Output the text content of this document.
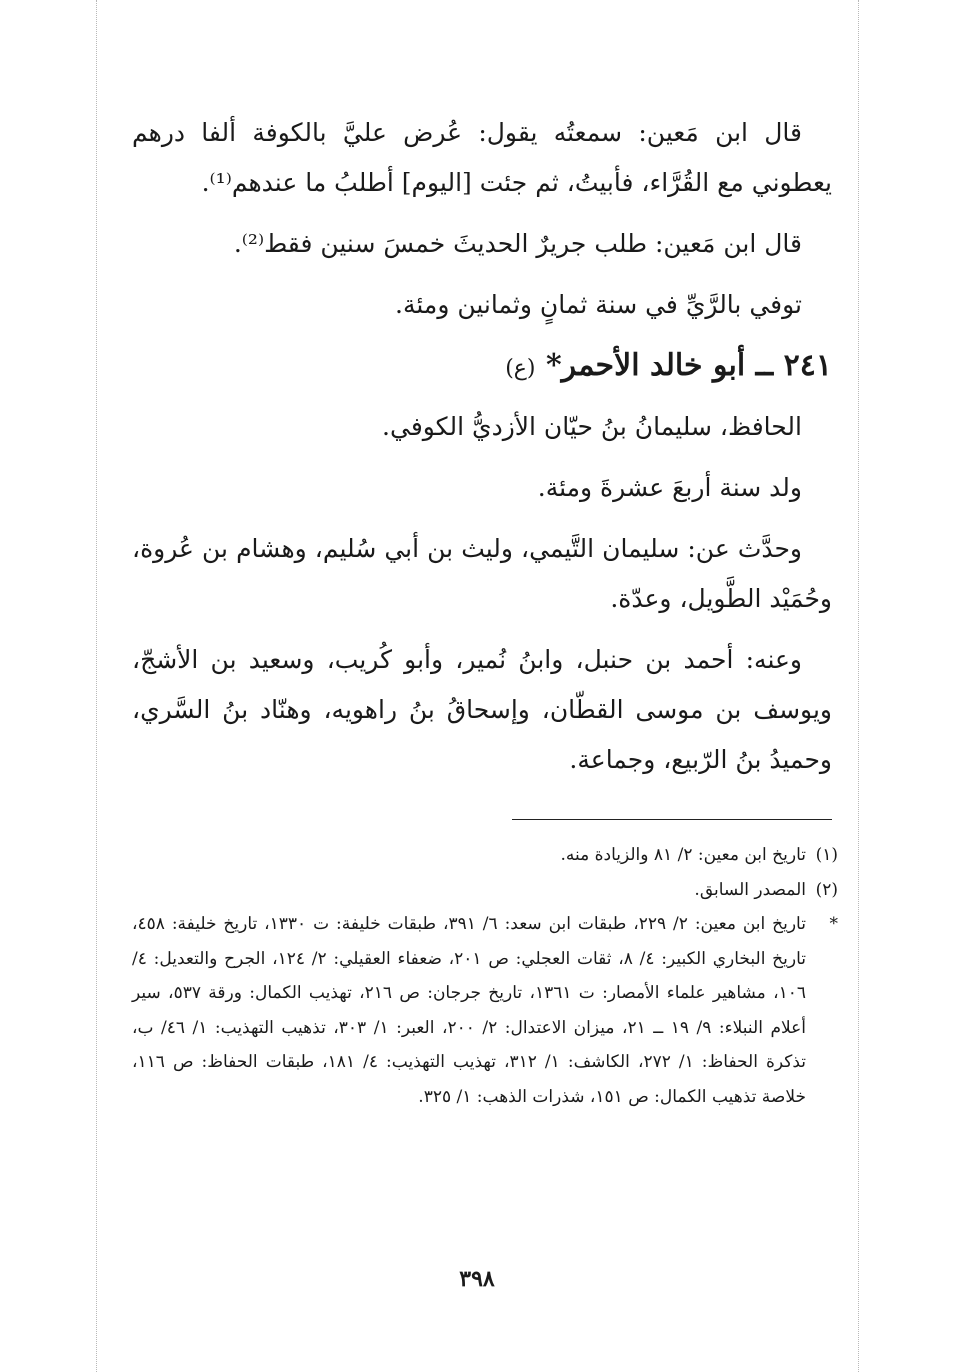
قال ابن مَعين: سمعتُه يقول: عُرض عليَّ بالكوفة ألفا درهم يعطوني مع القُرَّاء، فأبيتُ، ثم جئت [اليوم] أطلبُ ما عندهم⁽¹⁾.

قال ابن مَعين: طلب جريرٌ الحديثَ خمسَ سنين فقط⁽²⁾.

توفي بالرَّيِّ في سنة ثمانٍ وثمانين ومئة.

٢٤١ ــ أبو خالد الأحمر* (ع)

الحافظ، سليمانُ بنُ حيّان الأزديُّ الكوفي.

ولد سنة أربعَ عشرةَ ومئة.

وحدَّث عن: سليمان التَّيمي، وليث بن أبي سُليم، وهشام بن عُروة، وحُمَيْد الطَّويل، وعدّة.

وعنه: أحمد بن حنبل، وابنُ نُمير، وأبو كُريب، وسعيد بن الأشجّ، ويوسف بن موسى القطّان، وإسحاقُ بنُ راهويه، وهنّاد بنُ السَّري، وحميدُ بنُ الرّبيع، وجماعة.

(١)
تاريخ ابن معين: ٢/ ٨١ والزيادة منه.

(٢)
المصدر السابق.

*
تاريخ ابن معين: ٢/ ٢٢٩، طبقات ابن سعد: ٦/ ٣٩١، طبقات خليفة: ت ١٣٣٠، تاريخ خليفة: ٤٥٨، تاريخ البخاري الكبير: ٤/ ٨، ثقات العجلي: ص ٢٠١، ضعفاء العقيلي: ٢/ ١٢٤، الجرح والتعديل: ٤/ ١٠٦، مشاهير علماء الأمصار: ت ١٣٦١، تاريخ جرجان: ص ٢١٦، تهذيب الكمال: ورقة ٥٣٧، سير أعلام النبلاء: ٩/ ١٩ ــ ٢١، ميزان الاعتدال: ٢/ ٢٠٠، العبر: ١/ ٣٠٣، تذهيب التهذيب: ١/ ٤٦/ ب، تذكرة الحفاظ: ١/ ٢٧٢، الكاشف: ١/ ٣١٢، تهذيب التهذيب: ٤/ ١٨١، طبقات الحفاظ: ص ١١٦، خلاصة تذهيب الكمال: ص ١٥١، شذرات الذهب: ١/ ٣٢٥.

٣٩٨
